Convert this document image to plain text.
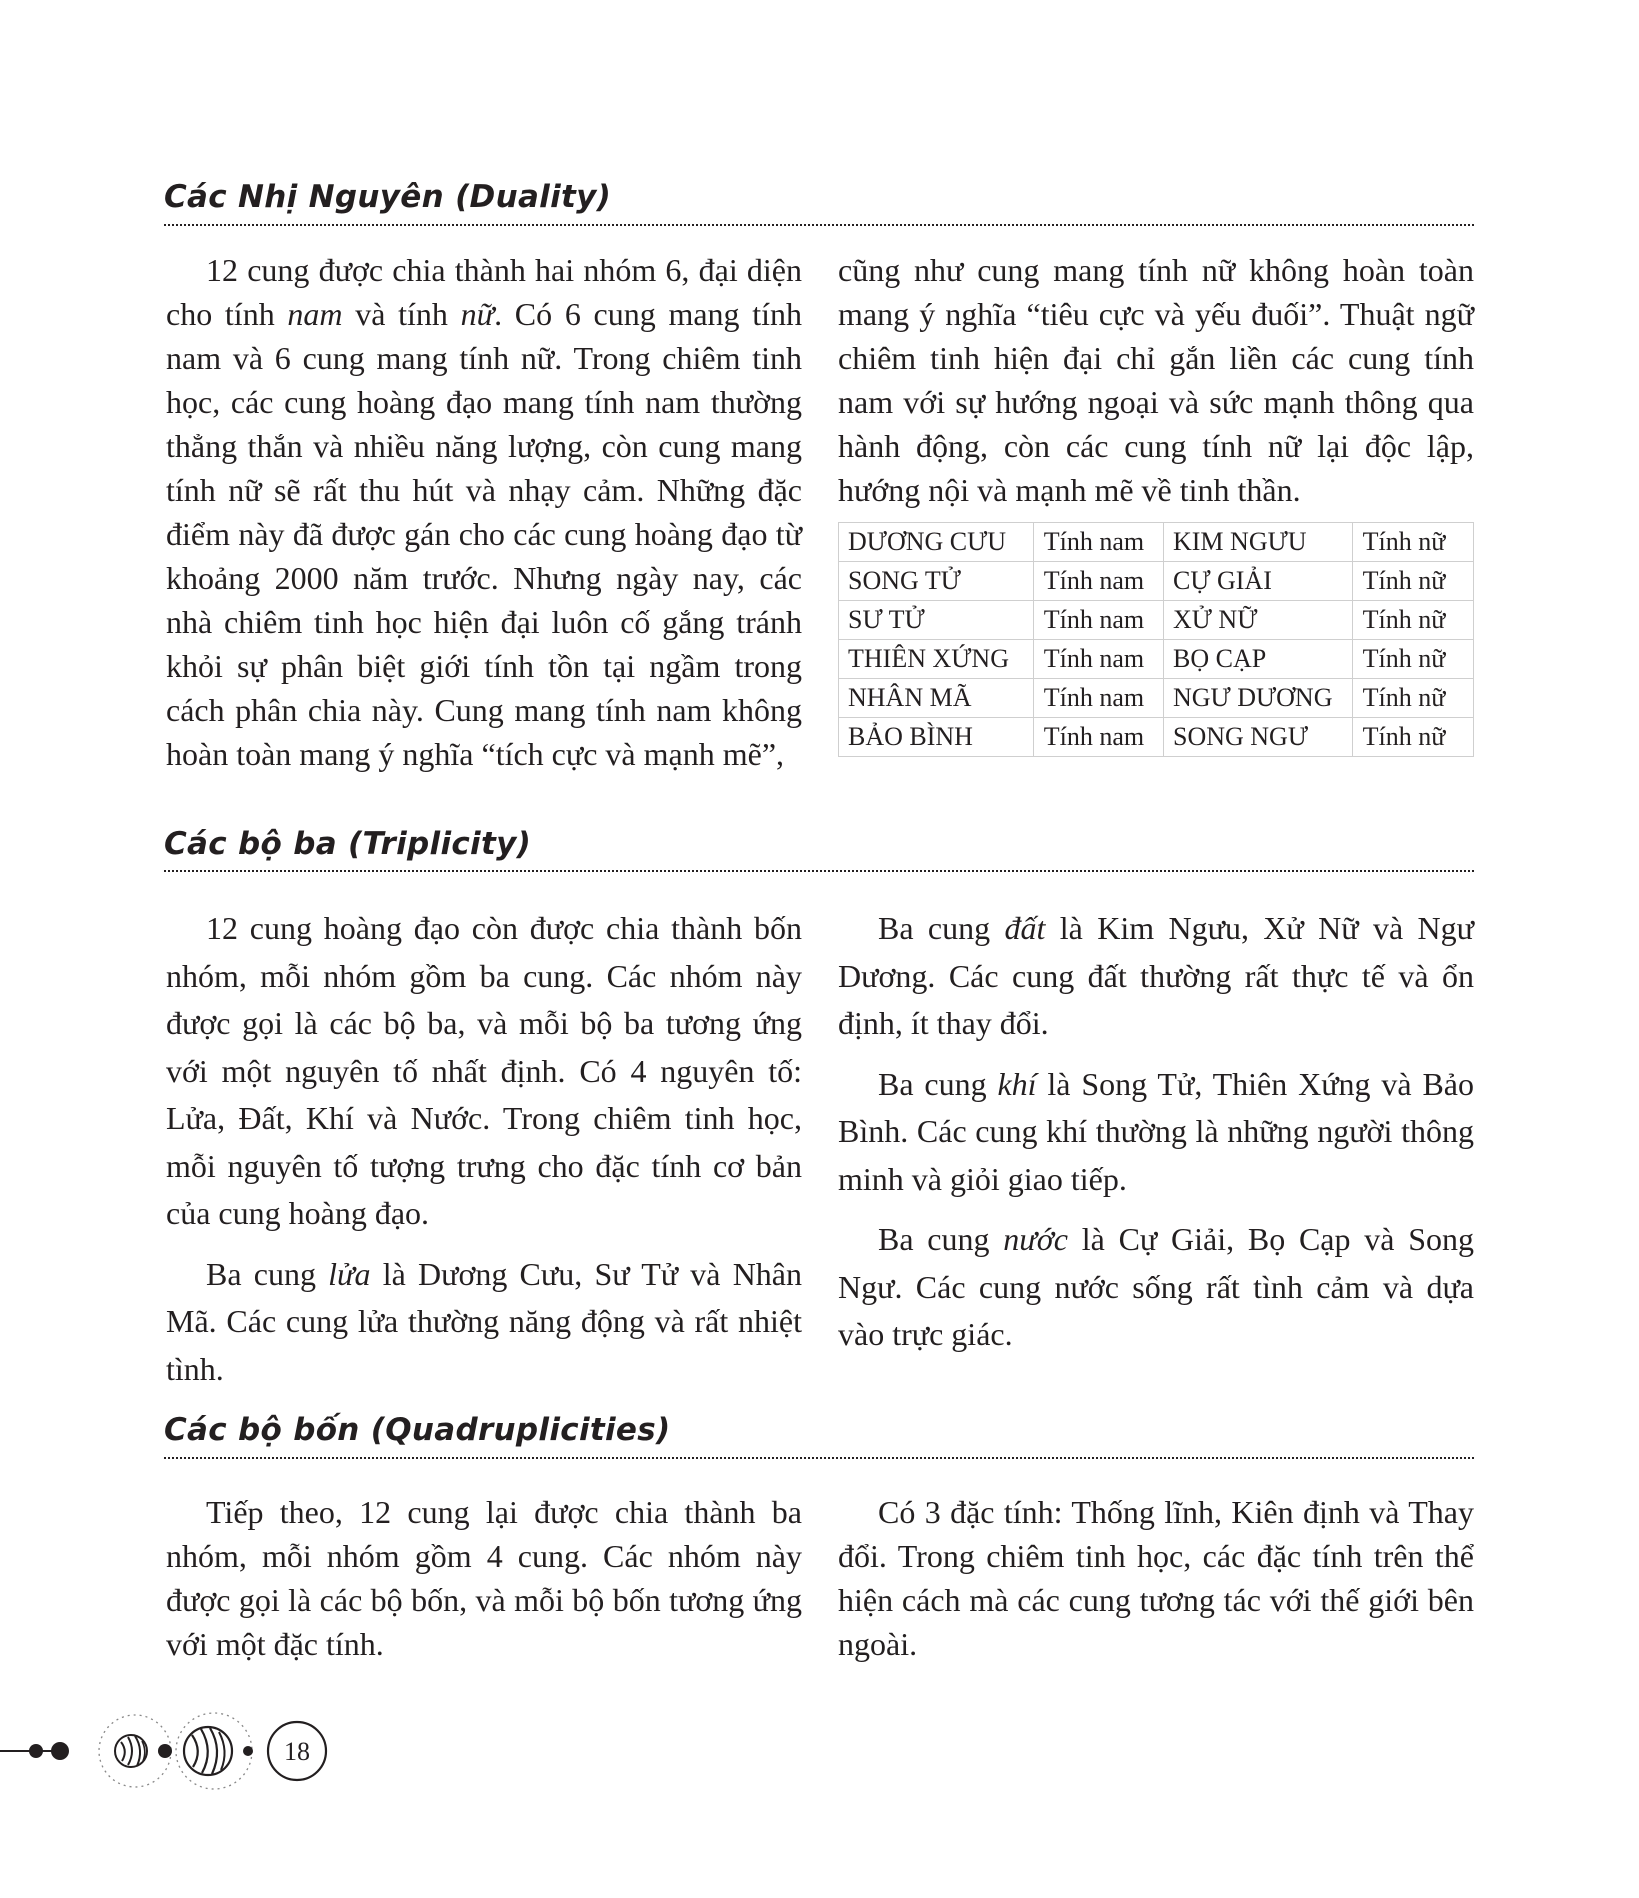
Các Nhị Nguyên (Duality)

12 cung được chia thành hai nhóm 6, đại diện cho tính nam và tính nữ. Có 6 cung mang tính nam và 6 cung mang tính nữ. Trong chiêm tinh học, các cung hoàng đạo mang tính nam thường thẳng thắn và nhiều năng lượng, còn cung mang tính nữ sẽ rất thu hút và nhạy cảm. Những đặc điểm này đã được gán cho các cung hoàng đạo từ khoảng 2000 năm trước. Nhưng ngày nay, các nhà chiêm tinh học hiện đại luôn cố gắng tránh khỏi sự phân biệt giới tính tồn tại ngầm trong cách phân chia này. Cung mang tính nam không hoàn toàn mang ý nghĩa “tích cực và mạnh mẽ”,

cũng như cung mang tính nữ không hoàn toàn mang ý nghĩa “tiêu cực và yếu đuối”. Thuật ngữ chiêm tinh hiện đại chỉ gắn liền các cung tính nam với sự hướng ngoại và sức mạnh thông qua hành động, còn các cung tính nữ lại độc lập, hướng nội và mạnh mẽ về tinh thần.

DƯƠNG CƯU	Tính nam	KIM NGƯU	Tính nữ
SONG TỬ	Tính nam	CỰ GIẢI	Tính nữ
SƯ TỬ	Tính nam	XỬ NỮ	Tính nữ
THIÊN XỨNG	Tính nam	BỌ CẠP	Tính nữ
NHÂN MÃ	Tính nam	NGƯ DƯƠNG	Tính nữ
BẢO BÌNH	Tính nam	SONG NGƯ	Tính nữ
Các bộ ba (Triplicity)

12 cung hoàng đạo còn được chia thành bốn nhóm, mỗi nhóm gồm ba cung. Các nhóm này được gọi là các bộ ba, và mỗi bộ ba tương ứng với một nguyên tố nhất định. Có 4 nguyên tố: Lửa, Đất, Khí và Nước. Trong chiêm tinh học, mỗi nguyên tố tượng trưng cho đặc tính cơ bản của cung hoàng đạo.

Ba cung lửa là Dương Cưu, Sư Tử và Nhân Mã. Các cung lửa thường năng động và rất nhiệt tình.

Ba cung đất là Kim Ngưu, Xử Nữ và Ngư Dương. Các cung đất thường rất thực tế và ổn định, ít thay đổi.

Ba cung khí là Song Tử, Thiên Xứng và Bảo Bình. Các cung khí thường là những người thông minh và giỏi giao tiếp.

Ba cung nước là Cự Giải, Bọ Cạp và Song Ngư. Các cung nước sống rất tình cảm và dựa vào trực giác.

Các bộ bốn (Quadruplicities)

Tiếp theo, 12 cung lại được chia thành ba nhóm, mỗi nhóm gồm 4 cung. Các nhóm này được gọi là các bộ bốn, và mỗi bộ bốn tương ứng với một đặc tính.

Có 3 đặc tính: Thống lĩnh, Kiên định và Thay đổi. Trong chiêm tinh học, các đặc tính trên thể hiện cách mà các cung tương tác với thế giới bên ngoài.

18
